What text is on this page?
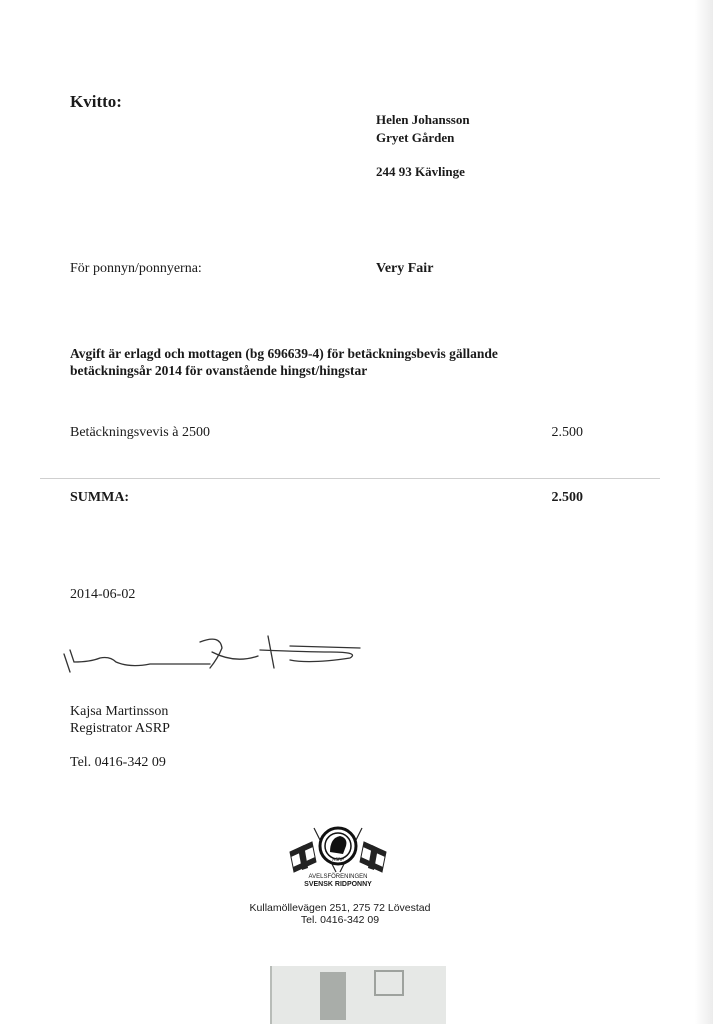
Kvitto:
Helen Johansson
Gryet Gården
244 93 Kävlinge
För ponnyn/ponnyerna:	Very Fair
Avgift är erlagd och mottagen (bg 696639-4) för betäckningsbevis gällande
betäckningsår 2014 för ovanstående hingst/hingstar
Betäckningsvevis à 2500	2.500
SUMMA:	2.500
2014-06-02
Kajsa Martinsson
Registrator ASRP
Tel. 0416-342 09
ASRP
AVELSFÖRENINGEN
SVENSK RIDPONNY
Kullamöllevägen 251, 275 72 Lövestad
Tel. 0416-342 09
